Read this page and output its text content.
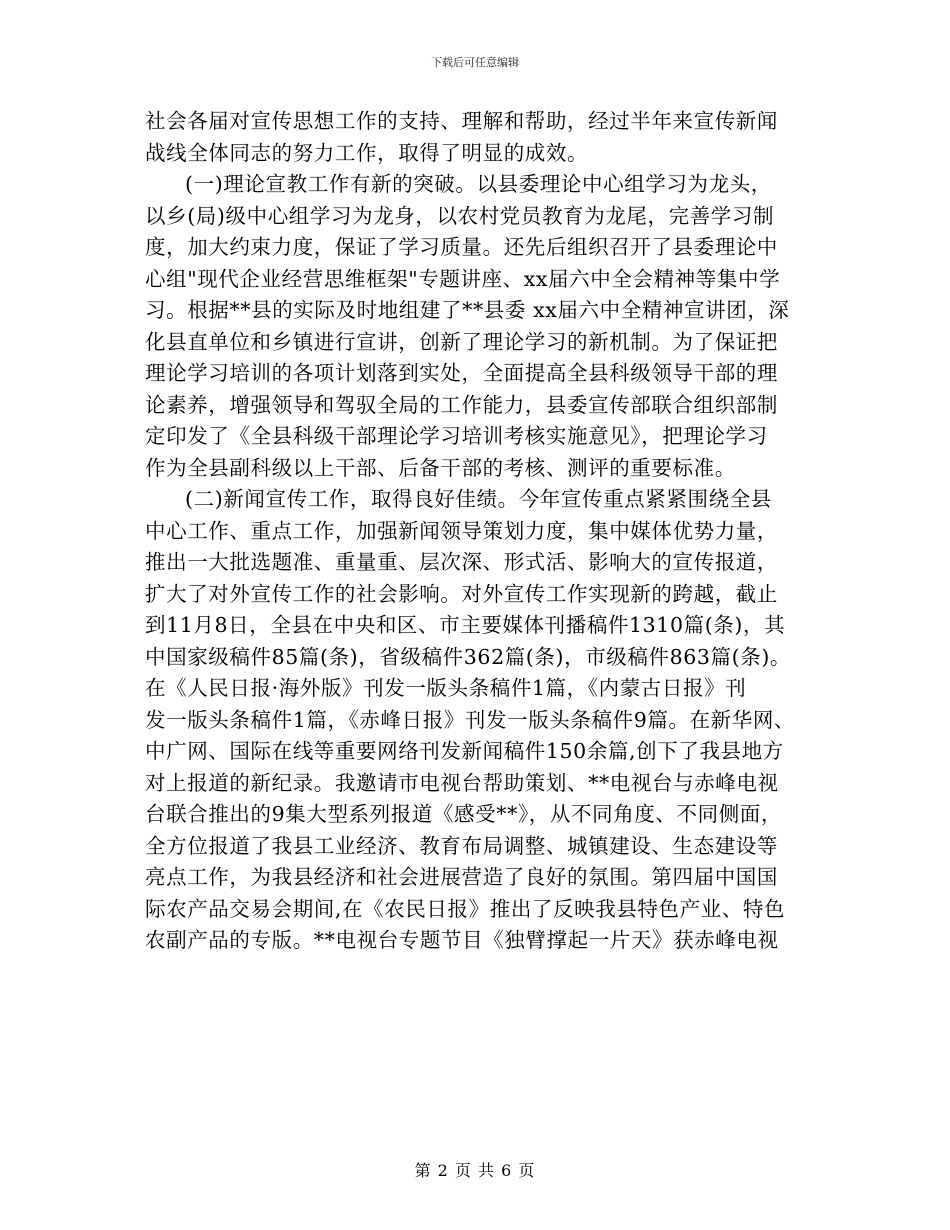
下载后可任意编辑
社会各届对宣传思想工作的支持、理解和帮助，经过半年来宣传新闻
战线全体同志的努力工作，取得了明显的成效。
(一)理论宣教工作有新的突破。以县委理论中心组学习为龙头，
以乡(局)级中心组学习为龙身，以农村党员教育为龙尾，完善学习制
度，加大约束力度，保证了学习质量。还先后组织召开了县委理论中
心组"现代企业经营思维框架"专题讲座、xx届六中全会精神等集中学
习。根据**县的实际及时地组建了**县委 xx届六中全精神宣讲团，深
化县直单位和乡镇进行宣讲，创新了理论学习的新机制。为了保证把
理论学习培训的各项计划落到实处，全面提高全县科级领导干部的理
论素养，增强领导和驾驭全局的工作能力，县委宣传部联合组织部制
定印发了《全县科级干部理论学习培训考核实施意见》，把理论学习
作为全县副科级以上干部、后备干部的考核、测评的重要标准。
(二)新闻宣传工作，取得良好佳绩。今年宣传重点紧紧围绕全县
中心工作、重点工作，加强新闻领导策划力度，集中媒体优势力量，
推出一大批选题准、重量重、层次深、形式活、影响大的宣传报道，
扩大了对外宣传工作的社会影响。对外宣传工作实现新的跨越，截止
到11月8日，全县在中央和区、市主要媒体刊播稿件1310篇(条)，其
中国家级稿件85篇(条)，省级稿件362篇(条)，市级稿件863篇(条)。
在《人民日报·海外版》刊发一版头条稿件1篇，《内蒙古日报》刊
发一版头条稿件1篇，《赤峰日报》刊发一版头条稿件9篇。在新华网、
中广网、国际在线等重要网络刊发新闻稿件150余篇,创下了我县地方
对上报道的新纪录。我邀请市电视台帮助策划、**电视台与赤峰电视
台联合推出的9集大型系列报道《感受**》，从不同角度、不同侧面，
全方位报道了我县工业经济、教育布局调整、城镇建设、生态建设等
亮点工作，为我县经济和社会进展营造了良好的氛围。第四届中国国
际农产品交易会期间,在《农民日报》推出了反映我县特色产业、特色
农副产品的专版。**电视台专题节目《独臂撑起一片天》获赤峰电视
第 2 页 共 6 页
